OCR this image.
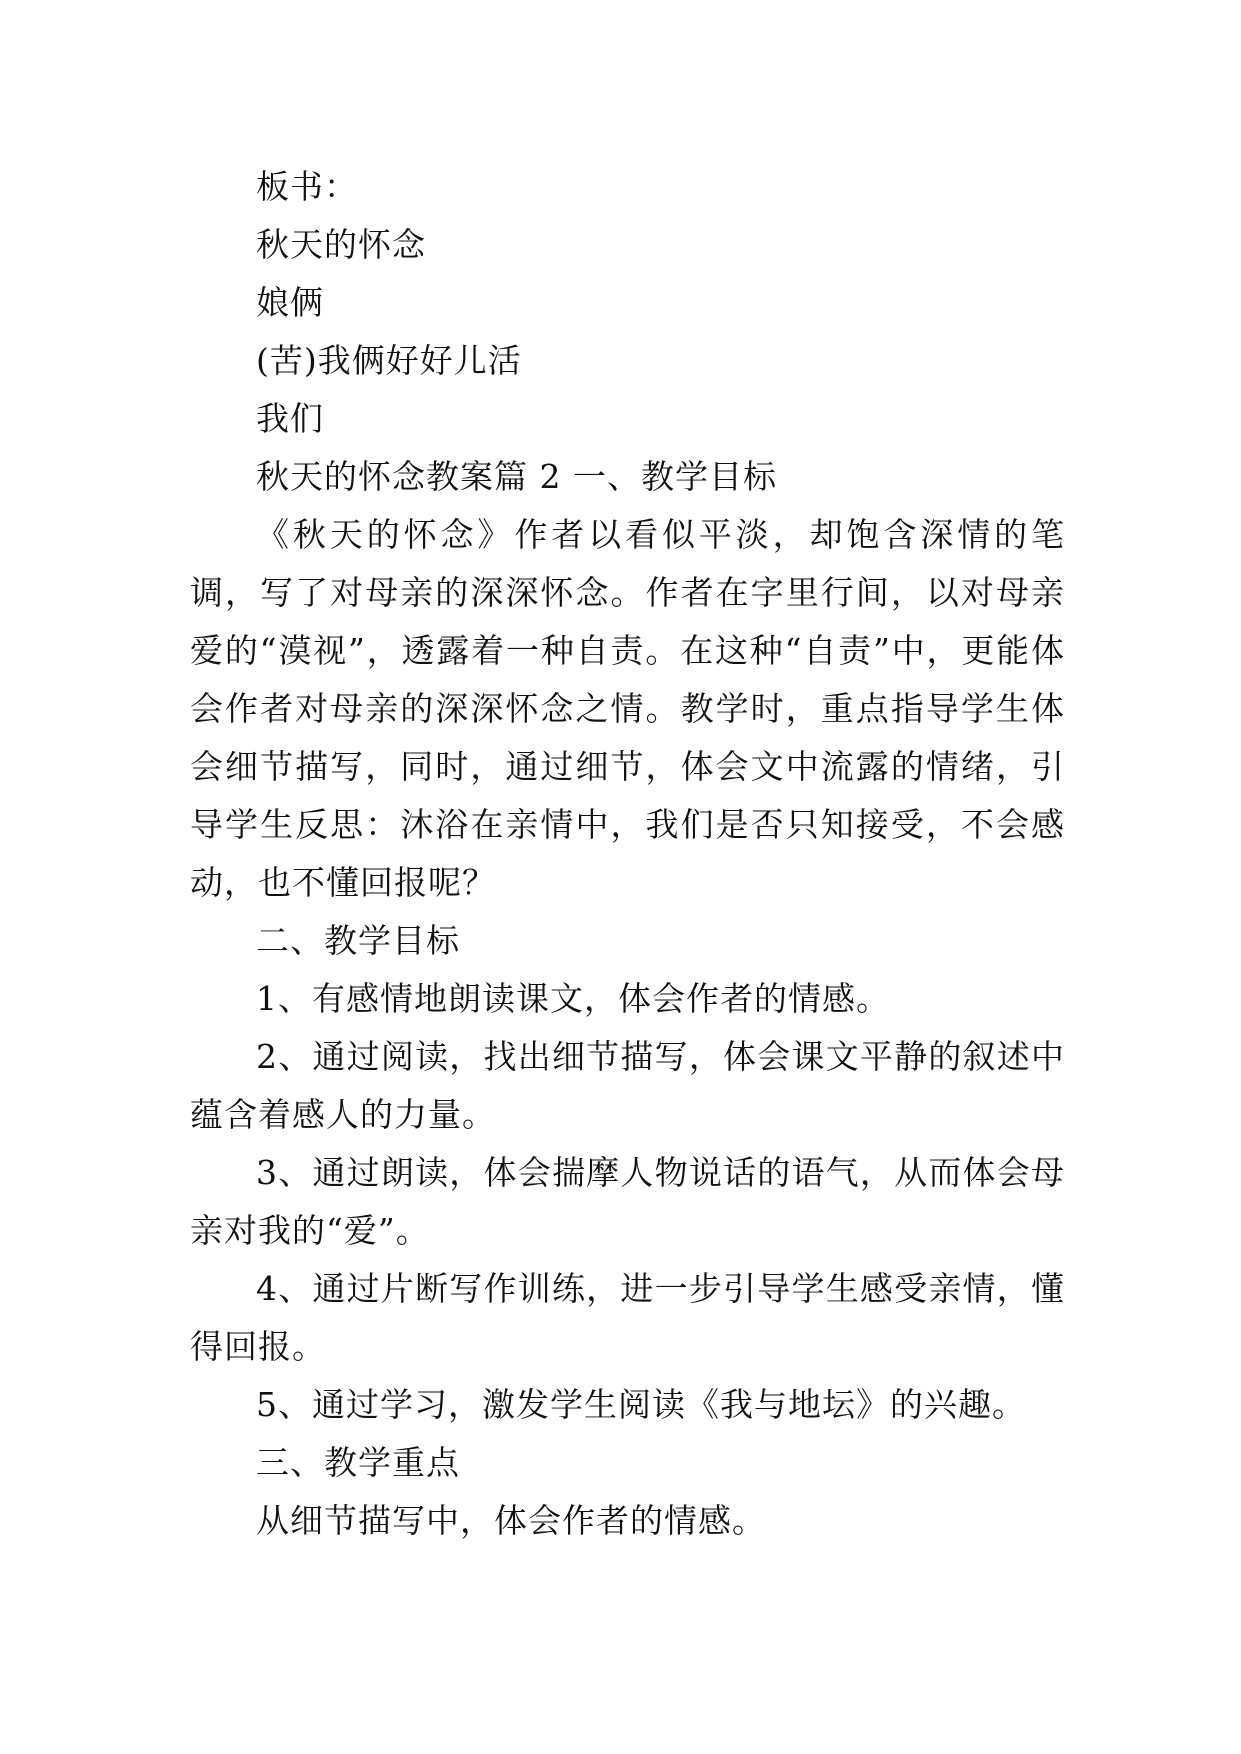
板书：
秋天的怀念
娘俩
(苦)我俩好好儿活
我们
秋天的怀念教案篇 2 一、教学目标
《秋天的怀念》作者以看似平淡，却饱含深情的笔调，写了对母亲的深深怀念。作者在字里行间，以对母亲爱的“漠视”，透露着一种自责。在这种“自责”中，更能体会作者对母亲的深深怀念之情。教学时，重点指导学生体会细节描写，同时，通过细节，体会文中流露的情绪，引导学生反思：沐浴在亲情中，我们是否只知接受，不会感动，也不懂回报呢？
二、教学目标
1、有感情地朗读课文，体会作者的情感。
2、通过阅读，找出细节描写，体会课文平静的叙述中蕴含着感人的力量。
3、通过朗读，体会揣摩人物说话的语气，从而体会母亲对我的“爱”。
4、通过片断写作训练，进一步引导学生感受亲情，懂得回报。
5、通过学习，激发学生阅读《我与地坛》的兴趣。
三、教学重点
从细节描写中，体会作者的情感。
